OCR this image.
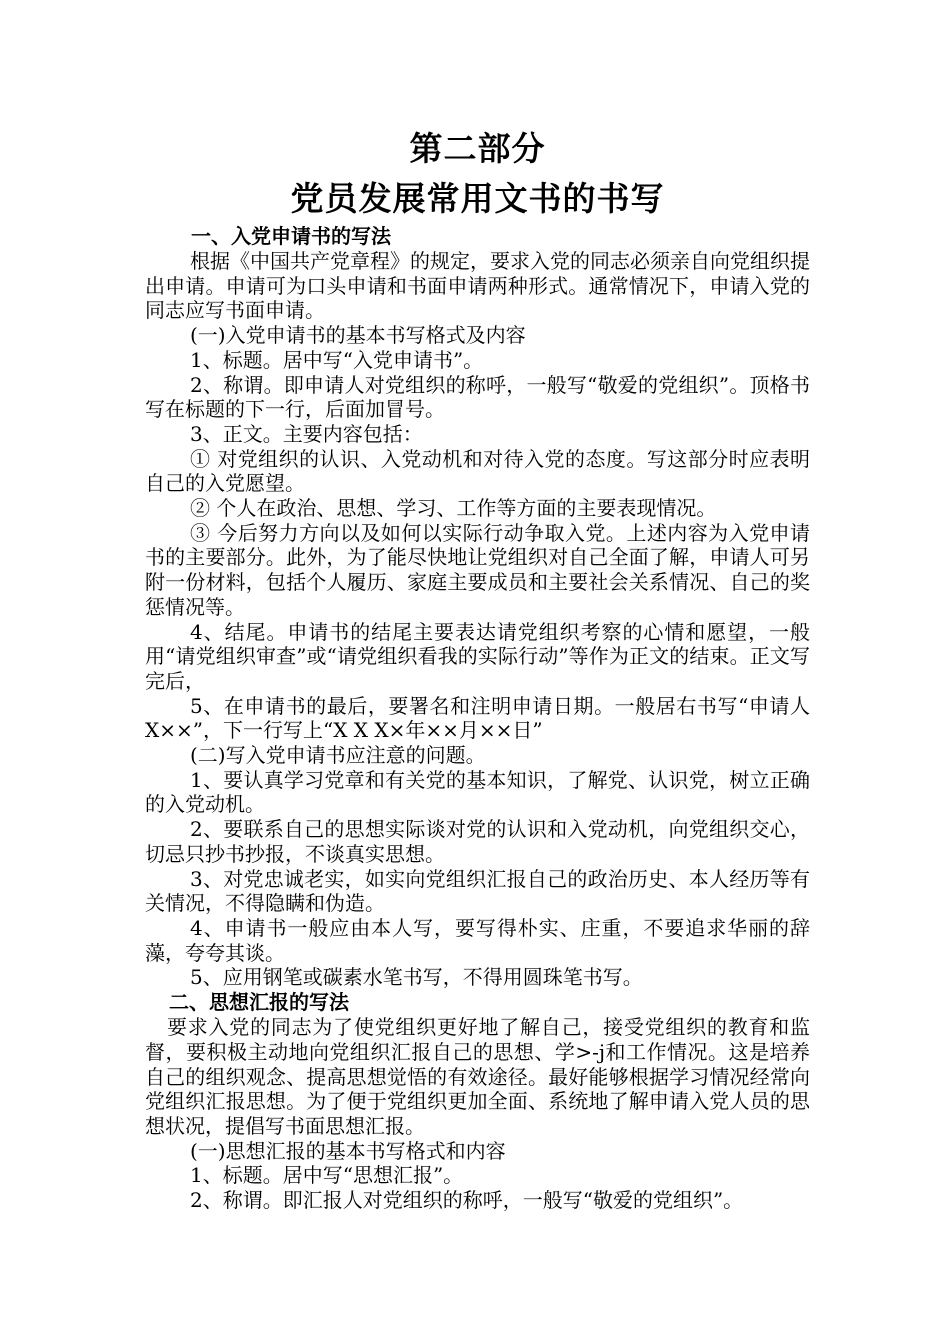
第二部分
党员发展常用文书的书写
一、入党申请书的写法

根据《中国共产党章程》的规定，要求入党的同志必须亲自向党组织提出申请。申请可为口头申请和书面申请两种形式。通常情况下，申请入党的同志应写书面申请。

(一)入党申请书的基本书写格式及内容

1、标题。居中写“入党申请书”。

2、称谓。即申请人对党组织的称呼，一般写“敬爱的党组织”。顶格书写在标题的下一行，后面加冒号。

3、正文。主要内容包括：

① 对党组织的认识、入党动机和对待入党的态度。写这部分时应表明自己的入党愿望。

② 个人在政治、思想、学习、工作等方面的主要表现情况。

③ 今后努力方向以及如何以实际行动争取入党。上述内容为入党申请书的主要部分。此外，为了能尽快地让党组织对自己全面了解，申请人可另附一份材料，包括个人履历、家庭主要成员和主要社会关系情况、自己的奖惩情况等。

4、结尾。申请书的结尾主要表达请党组织考察的心情和愿望，一般用“请党组织审查”或“请党组织看我的实际行动”等作为正文的结束。正文写完后，

5、在申请书的最后，要署名和注明申请日期。一般居右书写“申请人X××”，下一行写上“X X X×年××月××日”

(二)写入党申请书应注意的问题。

1、要认真学习党章和有关党的基本知识，了解党、认识党，树立正确的入党动机。

2、要联系自己的思想实际谈对党的认识和入党动机，向党组织交心，切忌只抄书抄报，不谈真实思想。

3、对党忠诚老实，如实向党组织汇报自己的政治历史、本人经历等有关情况，不得隐瞒和伪造。

4、申请书一般应由本人写，要写得朴实、庄重，不要追求华丽的辞藻，夸夸其谈。

5、应用钢笔或碳素水笔书写，不得用圆珠笔书写。

二、思想汇报的写法

要求入党的同志为了使党组织更好地了解自己，接受党组织的教育和监督，要积极主动地向党组织汇报自己的思想、学>-j和工作情况。这是培养自己的组织观念、提高思想觉悟的有效途径。最好能够根据学习情况经常向党组织汇报思想。为了便于党组织更加全面、系统地了解申请入党人员的思想状况，提倡写书面思想汇报。

(一)思想汇报的基本书写格式和内容

1、标题。居中写“思想汇报”。

2、称谓。即汇报人对党组织的称呼，一般写“敬爱的党组织”。
